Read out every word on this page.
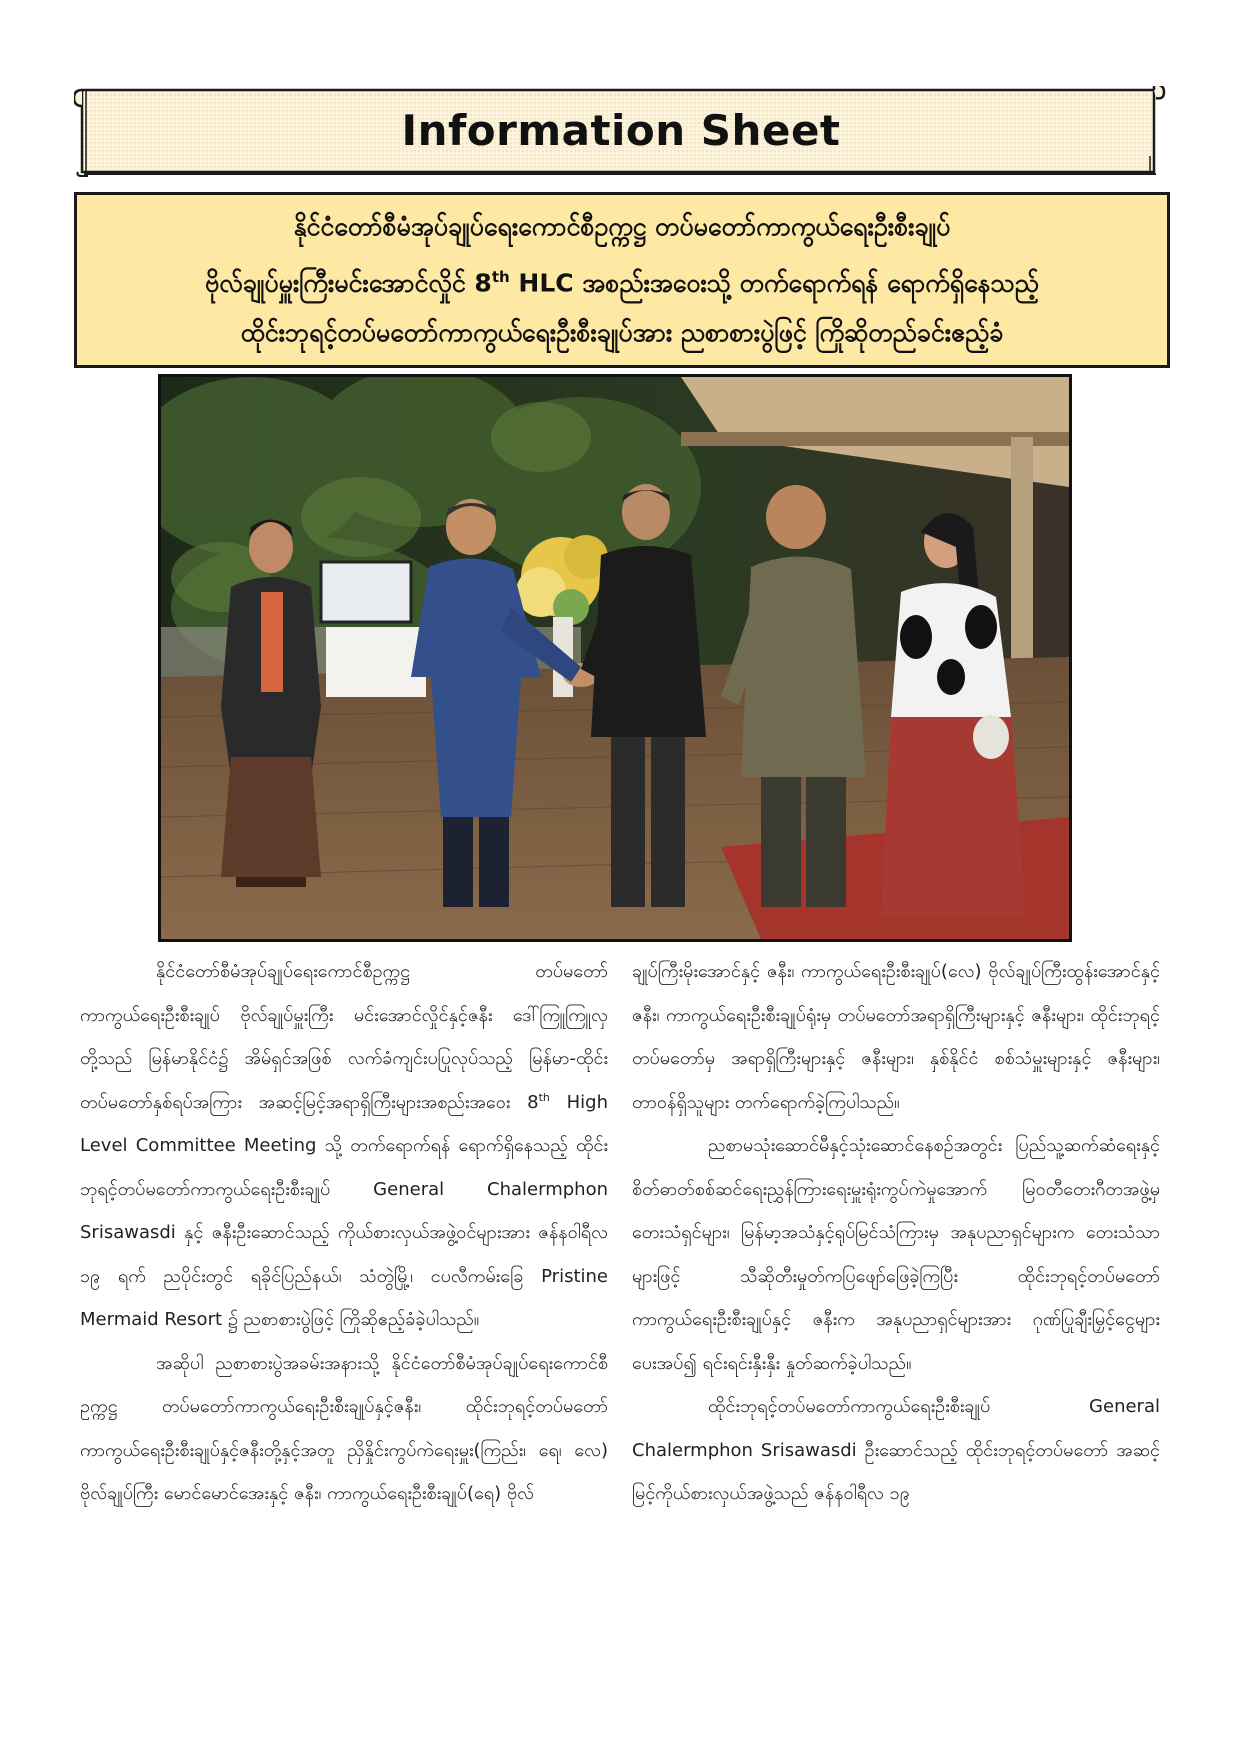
Information Sheet
နိုင်ငံတော်စီမံအုပ်ချုပ်ရေးကောင်စီဥက္ကဋ္ဌ တပ်မတော်ကာကွယ်ရေးဦးစီးချုပ်
ဗိုလ်ချုပ်မှူးကြီးမင်းအောင်လှိုင် 8th HLC အစည်းအဝေးသို့ တက်ရောက်ရန် ရောက်ရှိနေသည့်
ထိုင်းဘုရင့်တပ်မတော်ကာကွယ်ရေးဦးစီးချုပ်အား ညစာစားပွဲဖြင့် ကြိုဆိုတည်ခင်းဧည့်ခံ

နိုင်ငံတော်စီမံအုပ်ချုပ်ရေးကောင်စီဥက္ကဋ္ဌ တပ်မတော်ကာကွယ်ရေးဦးစီးချုပ် ဗိုလ်ချုပ်မှူးကြီး မင်းအောင်လှိုင်နှင့်ဇနီး ဒေါ်ကြူကြူလှတို့သည် မြန်မာနိုင်ငံ၌ အိမ်ရှင်အဖြစ် လက်ခံကျင်းပပြုလုပ်သည့် မြန်မာ-ထိုင်း တပ်မတော်နှစ်ရပ်အကြား အဆင့်မြင့်အရာရှိကြီးများအစည်းအဝေး 8th High Level Committee Meeting သို့ တက်ရောက်ရန် ရောက်ရှိနေသည့် ထိုင်းဘုရင့်တပ်မတော်ကာကွယ်ရေးဦးစီးချုပ် General Chalermphon Srisawasdi နှင့် ဇနီးဦးဆောင်သည့် ကိုယ်စားလှယ်အဖွဲ့ဝင်များအား ဇန်နဝါရီလ ၁၉ ရက် ညပိုင်းတွင် ရခိုင်ပြည်နယ်၊ သံတွဲမြို့၊ ငပလီကမ်းခြေ Pristine Mermaid Resort ၌ ညစာစားပွဲဖြင့် ကြိုဆိုဧည့်ခံခဲ့ပါသည်။

အဆိုပါ ညစာစားပွဲအခမ်းအနားသို့ နိုင်ငံတော်စီမံအုပ်ချုပ်ရေးကောင်စီဥက္ကဋ္ဌ တပ်မတော်ကာကွယ်ရေးဦးစီးချုပ်နှင့်ဇနီး၊ ထိုင်းဘုရင့်တပ်မတော်ကာကွယ်ရေးဦးစီးချုပ်နှင့်ဇနီးတို့နှင့်အတူ ညှိနှိုင်းကွပ်ကဲရေးမှူး(ကြည်း၊ ရေ၊ လေ) ဗိုလ်ချုပ်ကြီး မောင်မောင်အေးနှင့် ဇနီး၊ ကာကွယ်ရေးဦးစီးချုပ်(ရေ) ဗိုလ်

ချုပ်ကြီးမိုးအောင်နှင့် ဇနီး၊ ကာကွယ်ရေးဦးစီးချုပ်(လေ) ဗိုလ်ချုပ်ကြီးထွန်းအောင်နှင့် ဇနီး၊ ကာကွယ်ရေးဦးစီးချုပ်ရုံးမှ တပ်မတော်အရာရှိကြီးများနှင့် ဇနီးများ၊ ထိုင်းဘုရင့်တပ်မတော်မှ အရာရှိကြီးများနှင့် ဇနီးများ၊ နှစ်နိုင်ငံ စစ်သံမှူးများနှင့် ဇနီးများ၊ တာဝန်ရှိသူများ တက်ရောက်ခဲ့ကြပါသည်။

ညစာမသုံးဆောင်မီနှင့်သုံးဆောင်နေစဉ်အတွင်း ပြည်သူ့ဆက်ဆံရေးနှင့် စိတ်ဓာတ်စစ်ဆင်ရေးညွှန်ကြားရေးမှူးရုံးကွပ်ကဲမှုအောက် မြဝတီတေးဂီတအဖွဲ့မှ တေးသံရှင်များ၊ မြန်မာ့အသံနှင့်ရုပ်မြင်သံကြားမှ အနုပညာရှင်များက တေးသံသာများဖြင့် သီဆိုတီးမှုတ်ကပြဖျော်ဖြေခဲ့ကြပြီး ထိုင်းဘုရင့်တပ်မတော်ကာကွယ်ရေးဦးစီးချုပ်နှင့် ဇနီးက အနုပညာရှင်များအား ဂုဏ်ပြုချီးမြှင့်ငွေများပေးအပ်၍ ရင်းရင်းနှီးနှီး နှုတ်ဆက်ခဲ့ပါသည်။

ထိုင်းဘုရင့်တပ်မတော်ကာကွယ်ရေးဦးစီးချုပ် General Chalermphon Srisawasdi ဦးဆောင်သည့် ထိုင်းဘုရင့်တပ်မတော် အဆင့်မြင့်ကိုယ်စားလှယ်အဖွဲ့သည် ဇန်နဝါရီလ ၁၉
